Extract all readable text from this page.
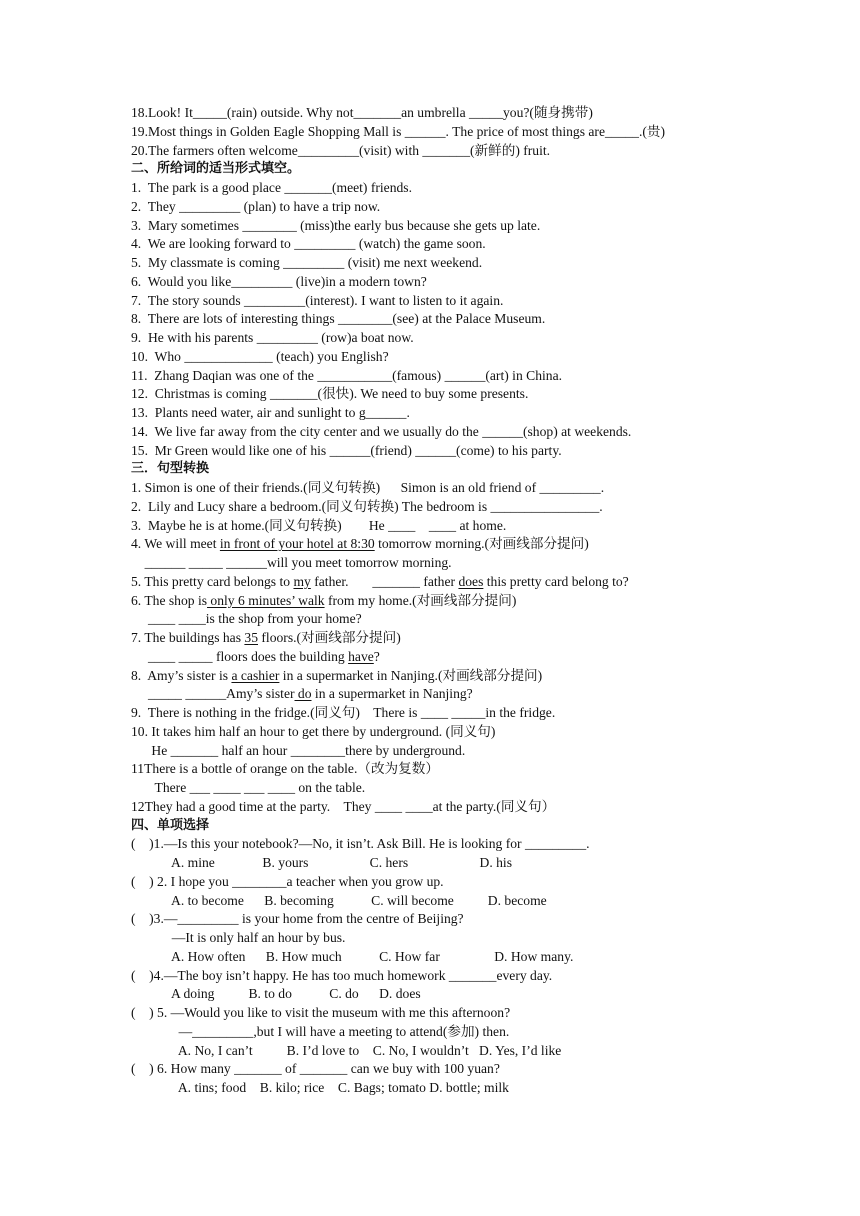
18.Look! It_____(rain) outside. Why not_______an umbrella _____you?(随身携带)
19.Most things in Golden Eagle Shopping Mall is ______. The price of most things are_____.(贵)
20.The farmers often welcome_________(visit) with _______(新鲜的) fruit.
二、所给词的适当形式填空。
1.  The park is a good place _______(meet) friends.
2.  They _________ (plan) to have a trip now.
3.  Mary sometimes ________ (miss)the early bus because she gets up late.
4.  We are looking forward to _________ (watch) the game soon.
5.  My classmate is coming _________ (visit) me next weekend.
6.  Would you like_________ (live)in a modern town?
7.  The story sounds _________(interest). I want to listen to it again.
8.  There are lots of interesting things ________(see) at the Palace Museum.
9.  He with his parents _________ (row)a boat now.
10.  Who _____________ (teach) you English?
11.  Zhang Daqian was one of the ___________(famous) ______(art) in China.
12.  Christmas is coming _______(很快). We need to buy some presents.
13.  Plants need water, air and sunlight to g______.
14.  We live far away from the city center and we usually do the ______(shop) at weekends.
15.  Mr Green would like one of his ______(friend) ______(come) to his party.
三．句型转换
1. Simon is one of their friends.(同义句转换)      Simon is an old friend of _________.
2.  Lily and Lucy share a bedroom.(同义句转换) The bedroom is ________________.
3.  Maybe he is at home.(同义句转换)        He ____    ____ at home.
4. We will meet in front of your hotel at 8:30 tomorrow morning.(对画线部分提问)
______ _____ ______will you meet tomorrow morning.
5. This pretty card belongs to my father.       _______ father does this pretty card belong to?
6. The shop is only 6 minutes’ walk from my home.(对画线部分提问)
____ ____is the shop from your home?
7. The buildings has 35 floors.(对画线部分提问)
____ _____ floors does the building have?
8.  Amy’s sister is a cashier in a supermarket in Nanjing.(对画线部分提问)
_____ ______Amy’s sister do in a supermarket in Nanjing?
9.  There is nothing in the fridge.(同义句)    There is ____ _____in the fridge.
10. It takes him half an hour to get there by underground. (同义句)
He _______ half an hour ________there by underground.
11There is a bottle of orange on the table.（改为复数）
There ___ ____ ___ ____ on the table.
12They had a good time at the party.    They ____ ____at the party.(同义句）
四、单项选择
(    )1.—Is this your notebook?—No, it isn’t. Ask Bill. He is looking for _________.
A. mine              B. yours                  C. hers                     D. his
(    ) 2. I hope you ________a teacher when you grow up.
A. to become      B. becoming           C. will become          D. become
(    )3.—_________ is your home from the centre of Beijing?
—It is only half an hour by bus.
A. How often      B. How much           C. How far                D. How many.
(    )4.—The boy isn’t happy. He has too much homework _______every day.
A doing          B. to do           C. do      D. does
(    ) 5. —Would you like to visit the museum with me this afternoon?
—_________,but I will have a meeting to attend(参加) then.
A. No, I can’t          B. I’d love to    C. No, I wouldn’t   D. Yes, I’d like
(    ) 6. How many _______ of _______ can we buy with 100 yuan?
A. tins; food    B. kilo; rice    C. Bags; tomato D. bottle; milk
